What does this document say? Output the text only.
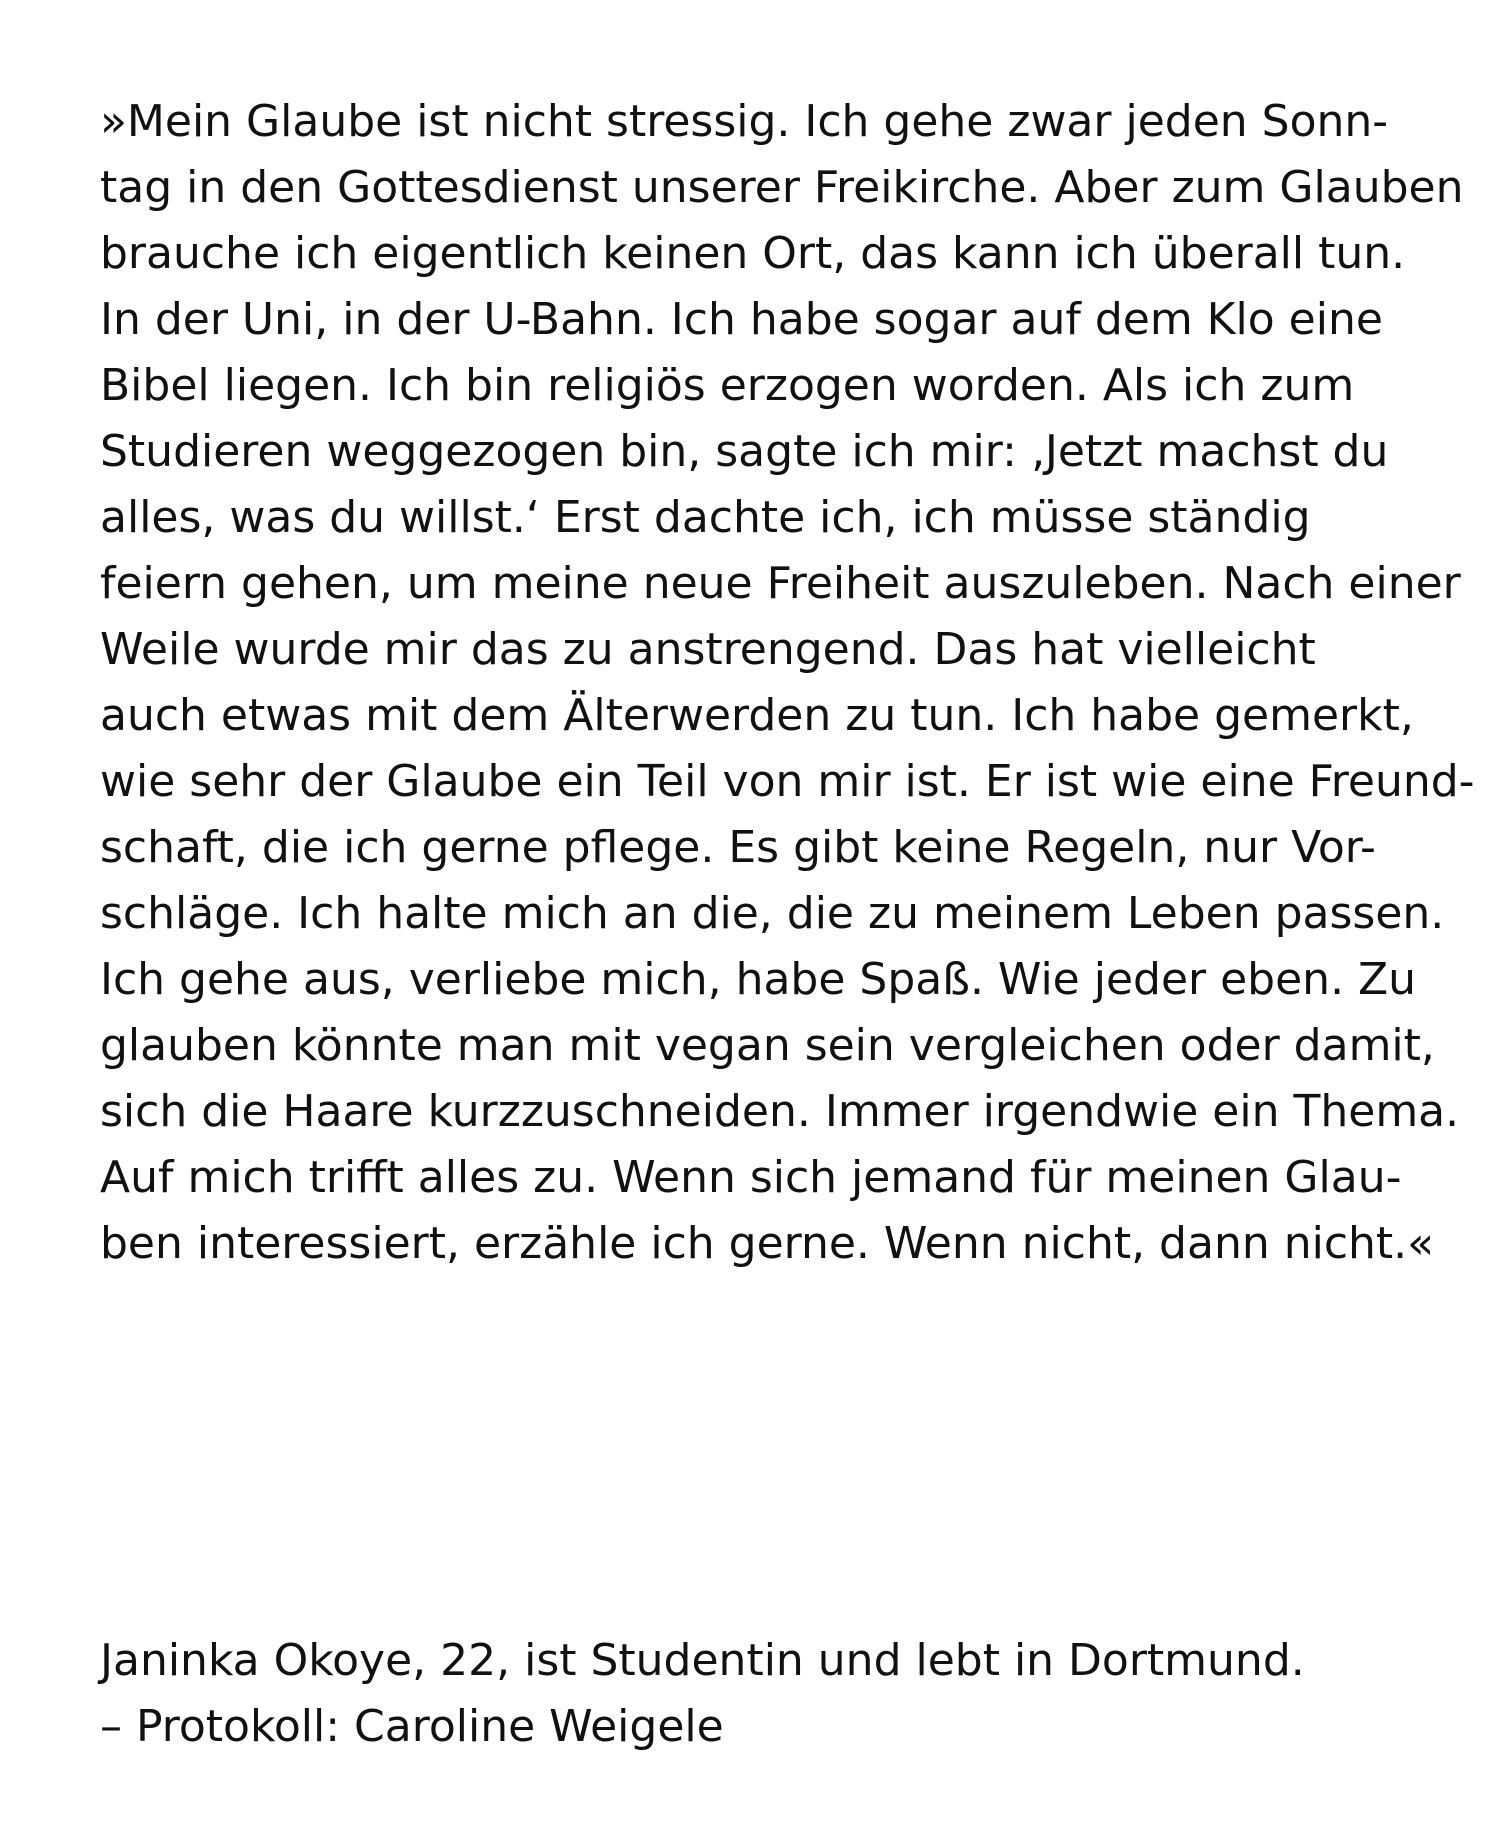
»Mein Glaube ist nicht stressig. Ich gehe zwar jeden Sonn-
tag in den Gottesdienst unserer Freikirche. Aber zum Glauben
brauche ich eigentlich keinen Ort, das kann ich überall tun.
In der Uni, in der U-Bahn. Ich habe sogar auf dem Klo eine
Bibel liegen. Ich bin religiös erzogen worden. Als ich zum
Studieren weggezogen bin, sagte ich mir: ‚Jetzt machst du
alles, was du willst.‘ Erst dachte ich, ich müsse ständig
feiern gehen, um meine neue Freiheit auszuleben. Nach einer
Weile wurde mir das zu anstrengend. Das hat vielleicht
auch etwas mit dem Älterwerden zu tun. Ich habe gemerkt,
wie sehr der Glaube ein Teil von mir ist. Er ist wie eine Freund-
schaft, die ich gerne pflege. Es gibt keine Regeln, nur Vor-
schläge. Ich halte mich an die, die zu meinem Leben passen.
Ich gehe aus, verliebe mich, habe Spaß. Wie jeder eben. Zu
glauben könnte man mit vegan sein vergleichen oder damit,
sich die Haare kurzzuschneiden. Immer irgendwie ein Thema.
Auf mich trifft alles zu. Wenn sich jemand für meinen Glau-
ben interessiert, erzähle ich gerne. Wenn nicht, dann nicht.«
Janinka Okoye, 22, ist Studentin und lebt in Dortmund.
– Protokoll: Caroline Weigele
